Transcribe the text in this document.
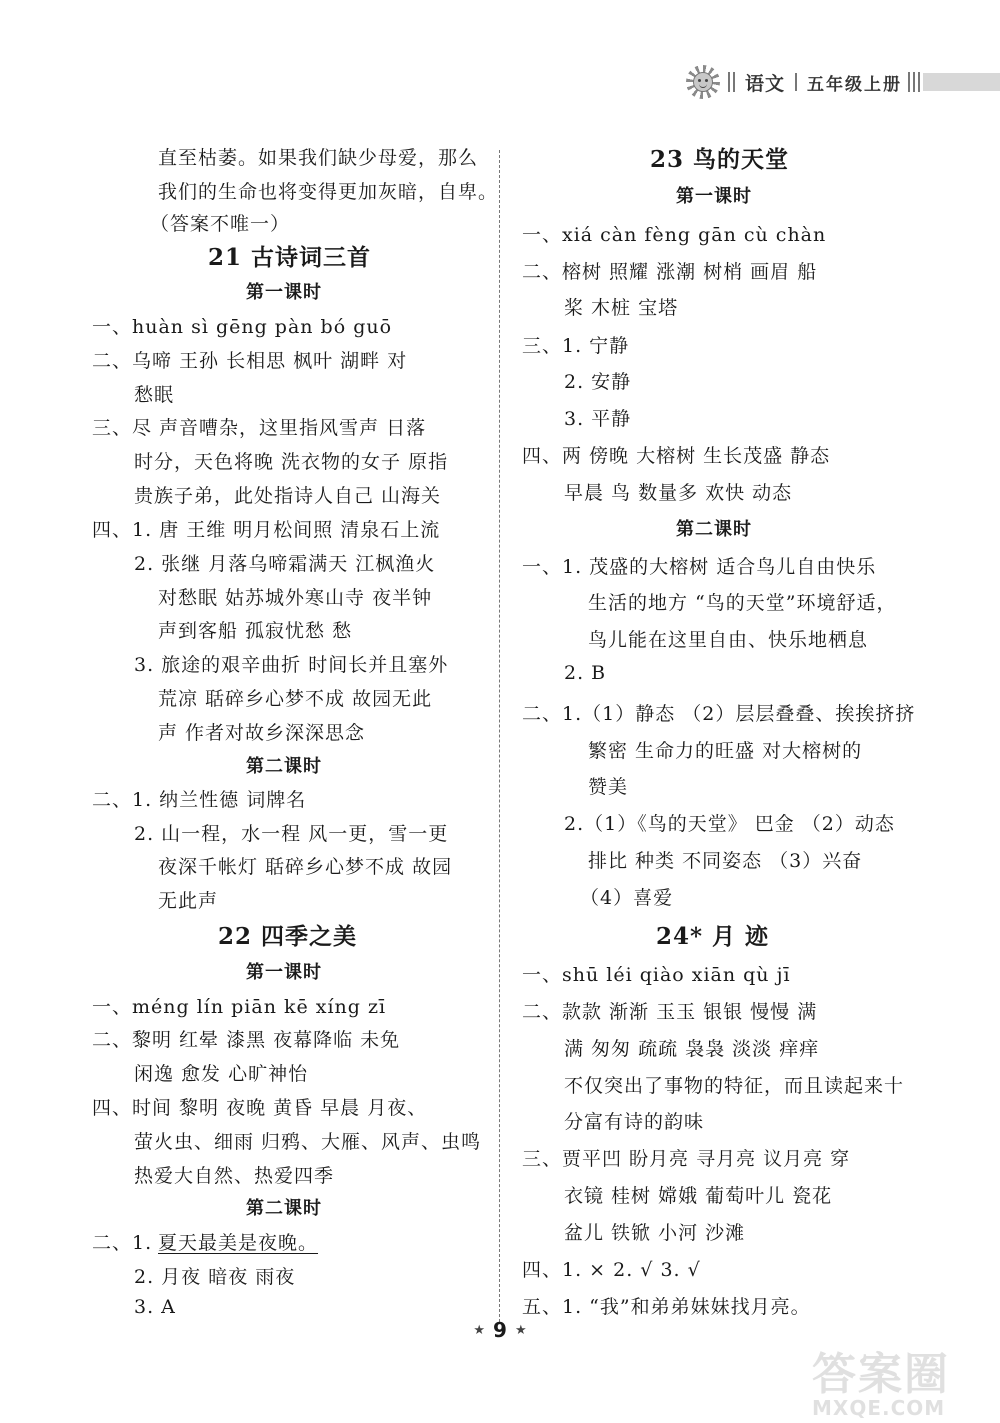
语文 五年级上册
直至枯萎。如果我们缺少母爱，那么
我们的生命也将变得更加灰暗，自卑。
（答案不唯一）
21 古诗词三首
第一课时
一、huàn sì gēng pàn bó guō
二、乌啼 王孙 长相思 枫叶 湖畔 对
愁眠
三、尽 声音嘈杂，这里指风雪声 日落
时分，天色将晚 洗衣物的女子 原指
贵族子弟，此处指诗人自己 山海关
四、1. 唐 王维 明月松间照 清泉石上流
2. 张继 月落乌啼霜满天 江枫渔火
对愁眠 姑苏城外寒山寺 夜半钟
声到客船 孤寂忧愁 愁
3. 旅途的艰辛曲折 时间长并且塞外
荒凉 聒碎乡心梦不成 故园无此
声 作者对故乡深深思念
第二课时
二、1. 纳兰性德 词牌名
2. 山一程，水一程 风一更，雪一更
夜深千帐灯 聒碎乡心梦不成 故园
无此声
22 四季之美
第一课时
一、méng lín piān kē xíng zī
二、黎明 红晕 漆黑 夜幕降临 未免
闲逸 愈发 心旷神怡
四、时间 黎明 夜晚 黄昏 早晨 月夜、
萤火虫、细雨 归鸦、大雁、风声、虫鸣
热爱大自然、热爱四季
第二课时
二、1. 夏天最美是夜晚。
2. 月夜 暗夜 雨夜
3. A
23 鸟的天堂
第一课时
一、xiá càn fèng gān cù chàn
二、榕树 照耀 涨潮 树梢 画眉 船
桨 木桩 宝塔
三、1. 宁静
2. 安静
3. 平静
四、两 傍晚 大榕树 生长茂盛 静态
早晨 鸟 数量多 欢快 动态
第二课时
一、1. 茂盛的大榕树 适合鸟儿自由快乐
生活的地方 “鸟的天堂”环境舒适，
鸟儿能在这里自由、快乐地栖息
2. B
二、1.（1）静态 （2）层层叠叠、挨挨挤挤
繁密 生命力的旺盛 对大榕树的
赞美
2.（1）《鸟的天堂》 巴金 （2）动态
排比 种类 不同姿态 （3）兴奋
（4）喜爱
24* 月 迹
一、shū léi qiào xiān qù jī
二、款款 渐渐 玉玉 银银 慢慢 满
满 匆匆 疏疏 袅袅 淡淡 痒痒
不仅突出了事物的特征，而且读起来十
分富有诗的韵味
三、贾平凹 盼月亮 寻月亮 议月亮 穿
衣镜 桂树 嫦娥 葡萄叶儿 瓷花
盆儿 铁锨 小河 沙滩
四、1. × 2. √ 3. √
五、1. “我”和弟弟妹妹找月亮。
★ 9 ★
答案圈
MXQE.COM
